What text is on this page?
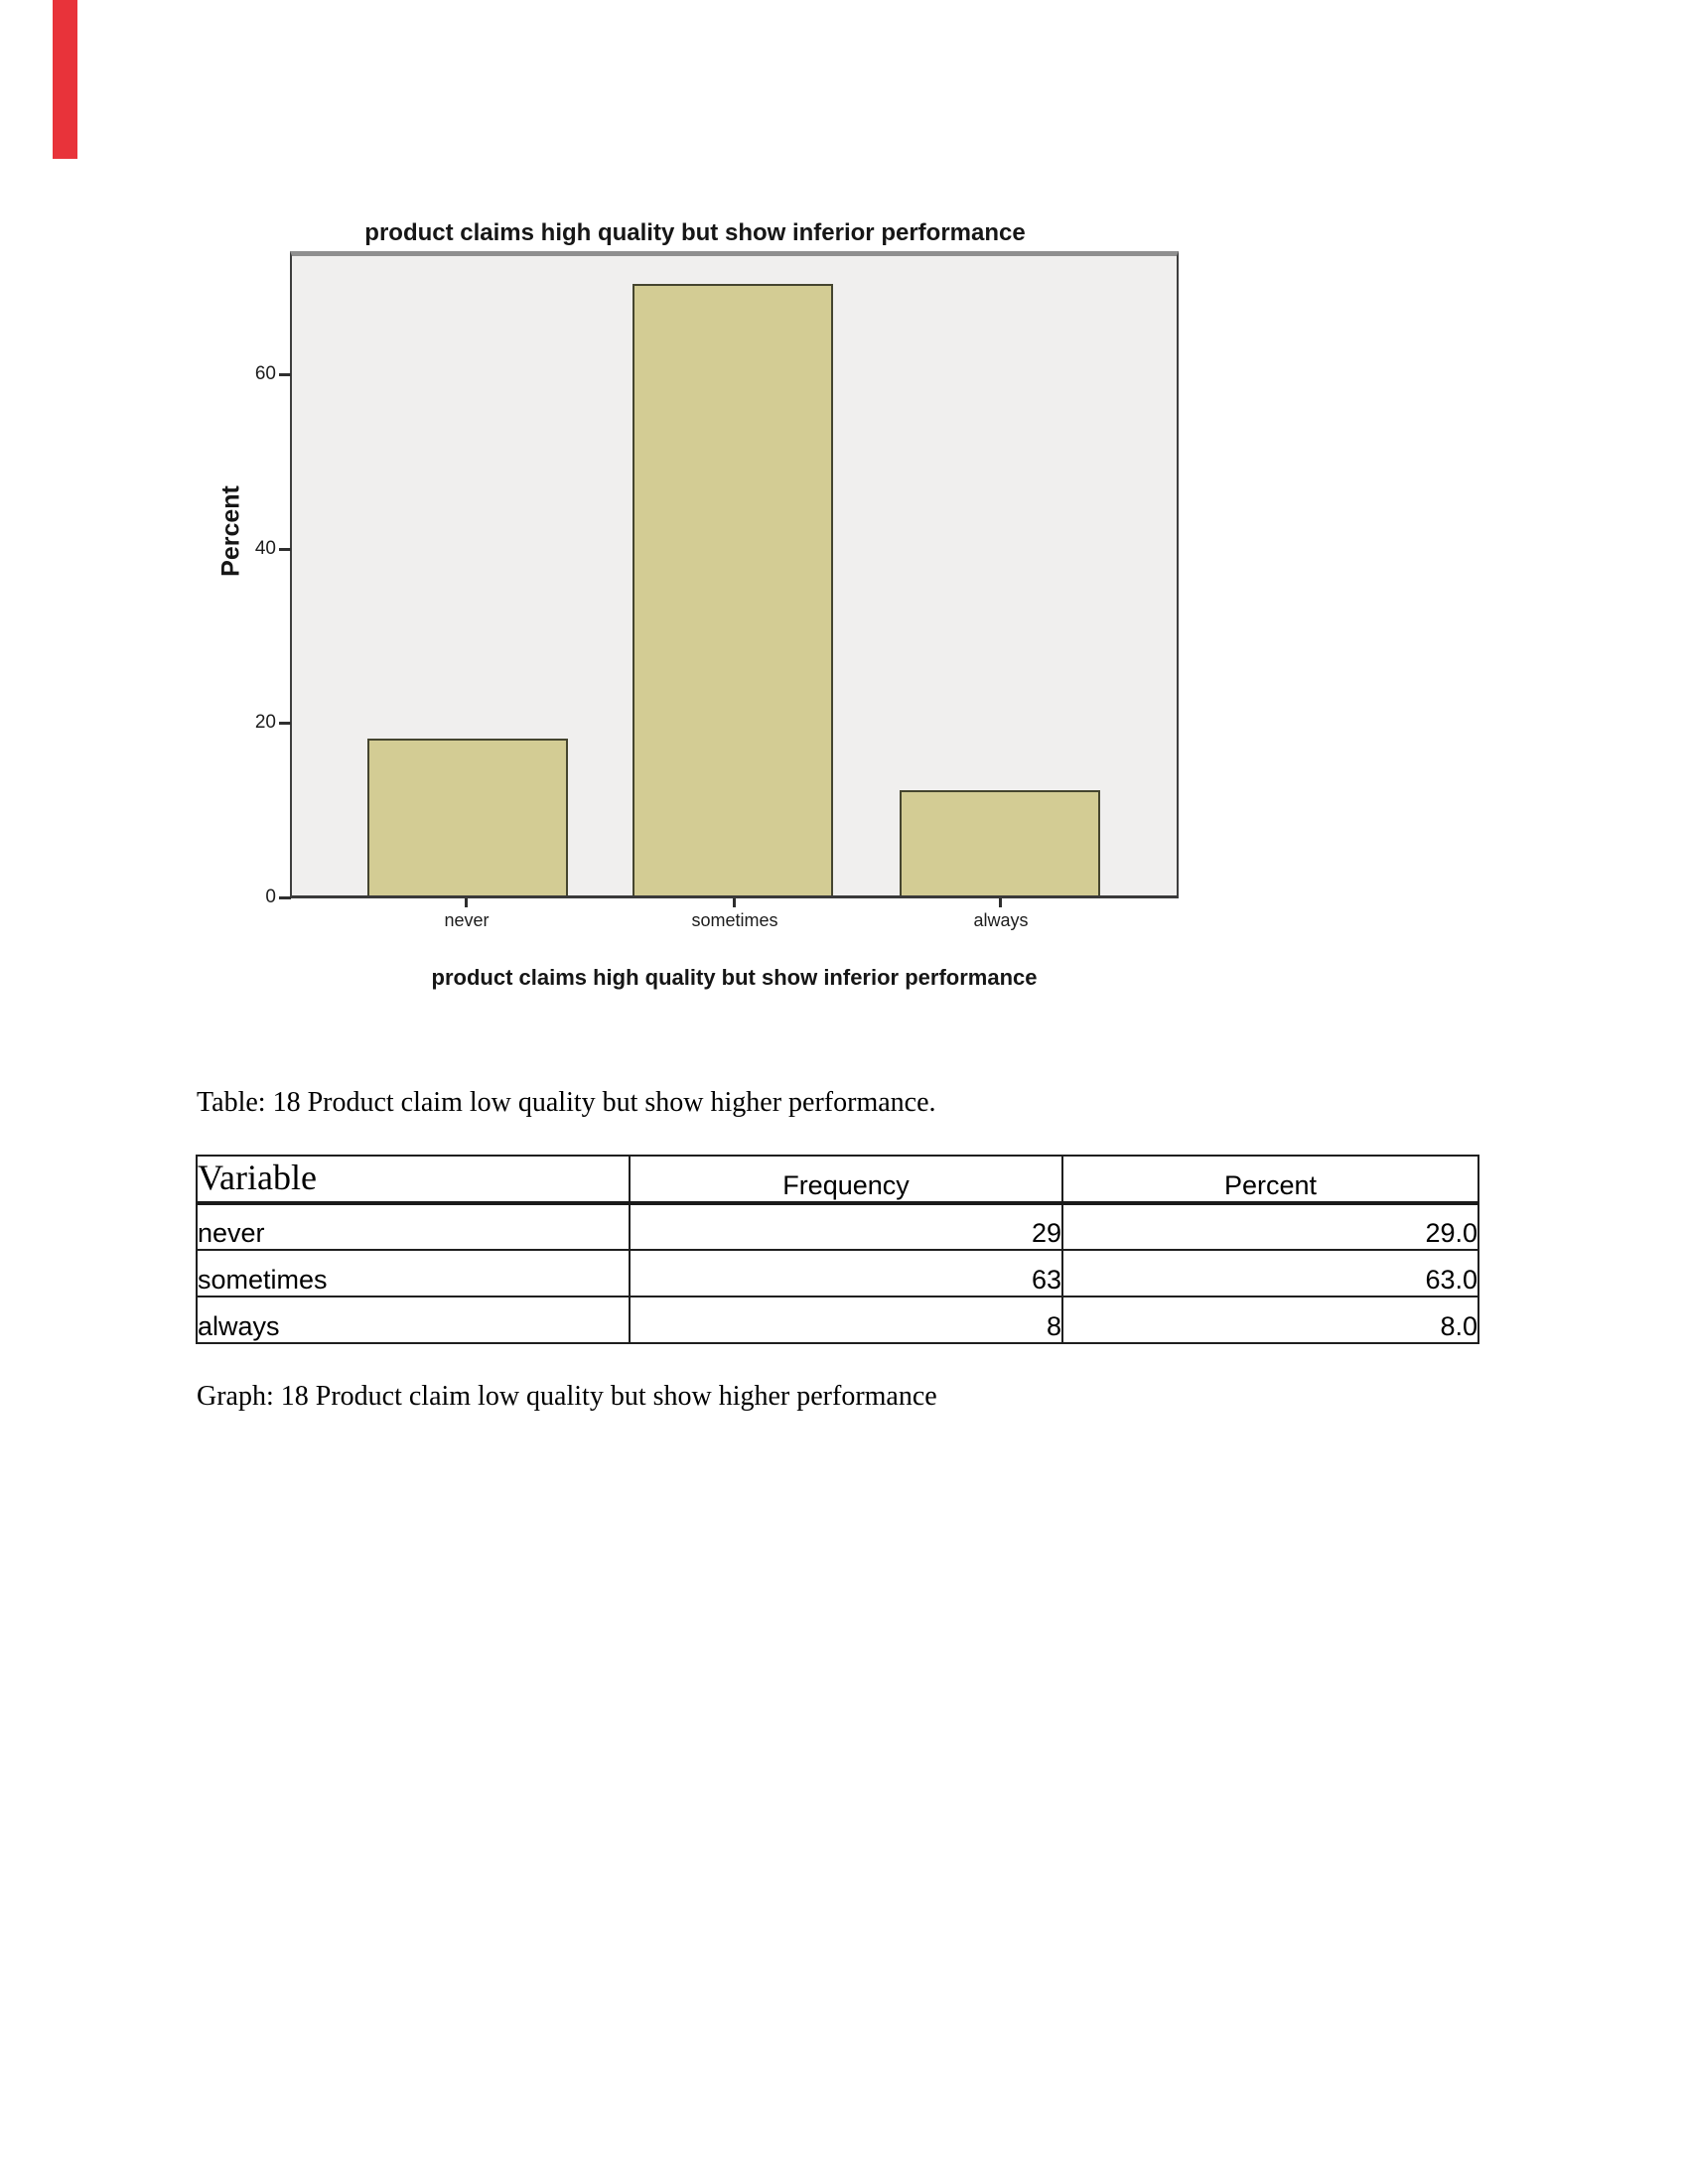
product claims high quality but show inferior performance
60
40
20
0
Percent
never	sometimes	always
product claims high quality but show inferior performance
Table: 18 Product claim low quality but show higher performance.
Variable	Frequency	Percent
never	29	29.0
sometimes	63	63.0
always	8	8.0
Graph: 18 Product claim low quality but show higher performance
